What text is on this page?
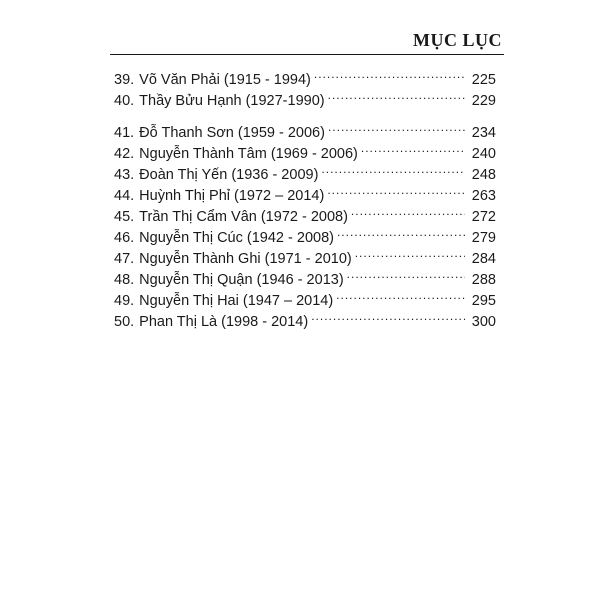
MỤC LỤC
39. Võ Văn Phải (1915 - 1994) .....	225
40. Thầy Bửu Hạnh (1927-1990) .....	229
41. Đỗ Thanh Sơn (1959 - 2006) .....	234
42. Nguyễn Thành Tâm (1969 - 2006) .....	240
43. Đoàn Thị Yến (1936 - 2009) .....	248
44. Huỳnh Thị Phỉ (1972 – 2014) .....	263
45. Trần Thị Cẩm Vân (1972 - 2008) .....	272
46. Nguyễn Thị Cúc (1942 - 2008) .....	279
47. Nguyễn Thành Ghi (1971 - 2010) .....	284
48. Nguyễn Thị Quận (1946 - 2013) .....	288
49. Nguyễn Thị Hai (1947 – 2014) .....	295
50. Phan Thị Là (1998 - 2014) .....	300
